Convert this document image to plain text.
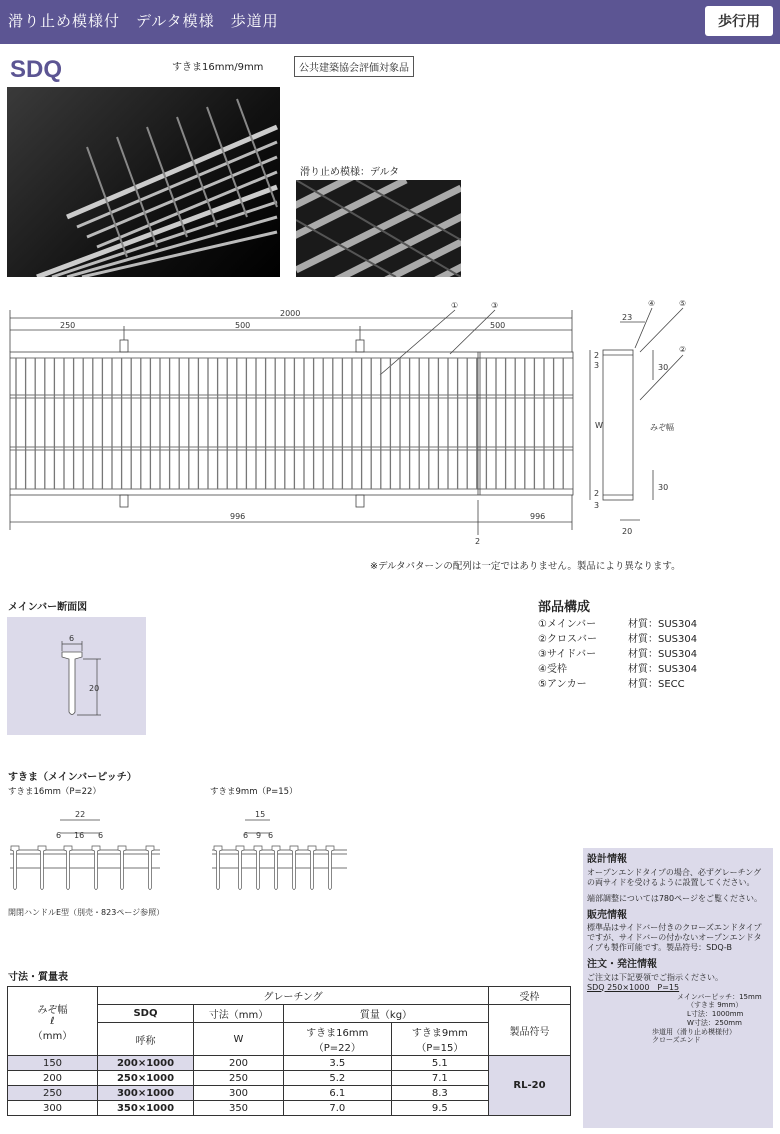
滑り止め模様付　デルタ模様　歩道用	歩行用
SDQ	すきま16mm/9mm	公共建築協会評価対象品
滑り止め模様：デルタ
250	500	500
2000
996
2
996
①	③	④	⑤
②
23
W
30
30
2
3
2
3
20
みぞ幅
※デルタパターンの配列は一定ではありません。製品により異なります。
メインバー断面図
6
20
部品構成
①メインバー	材質：SUS304
②クロスバー	材質：SUS304
③サイドバー	材質：SUS304
④受枠	材質：SUS304
⑤アンカー	材質：SECC
すきま（メインバーピッチ）
すきま16mm（P=22）	すきま9mm（P=15）
22
6 16 6
15
6 9 6
開閉ハンドルE型（別売・823ページ参照）
寸法・質量表
みぞ幅
ℓ
（mm）	グレーチング				受枠
	SDQ	寸法（mm）	質量（kg）		製品符号
	呼称	W	すきま16mm
（P=22）	すきま9mm
（P=15）	
150	200×1000	200	3.5	5.1	RL-20
200	250×1000	250	5.2	7.1	
250	300×1000	300	6.1	8.3	
300	350×1000	350	7.0	9.5	
設計情報

オープンエンドタイプの場合、必ずグレーチングの両サイドを受けるように設置してください。

端部調整については780ページをご覧ください。

販売情報

標準品はサイドバー付きのクローズエンドタイプですが、サイドバーの付かないオープンエンドタイプも製作可能です。製品符号：SDQ-B

注文・発注情報
ご注文は下記要領でご指示ください。
SDQ 250×1000　P=15
メインバーピッチ：15mm
（すきま 9mm）
L寸法：1000mm
W寸法：250mm
歩道用（滑り止め模様付）
クローズエンド
